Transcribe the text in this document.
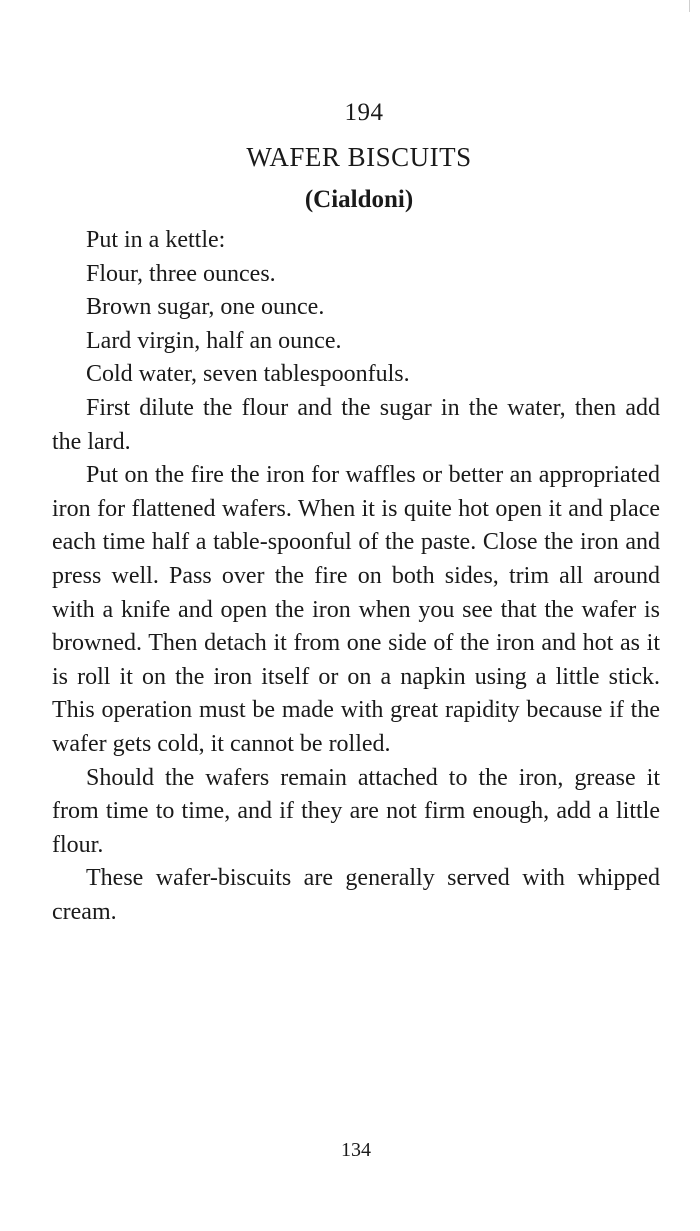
194
WAFER BISCUITS
(Cialdoni)

Put in a kettle:

Flour, three ounces.

Brown sugar, one ounce.

Lard virgin, half an ounce.

Cold water, seven tablespoonfuls.

First dilute the flour and the sugar in the water, then add the lard.

Put on the fire the iron for waffles or better an appropriated iron for flattened wafers. When it is quite hot open it and place each time half a table-spoonful of the paste. Close the iron and press well. Pass over the fire on both sides, trim all around with a knife and open the iron when you see that the wafer is browned. Then detach it from one side of the iron and hot as it is roll it on the iron itself or on a napkin using a little stick. This operation must be made with great rapidity because if the wafer gets cold, it cannot be rolled.

Should the wafers remain attached to the iron, grease it from time to time, and if they are not firm enough, add a little flour.

These wafer-biscuits are generally served with whipped cream.

134
